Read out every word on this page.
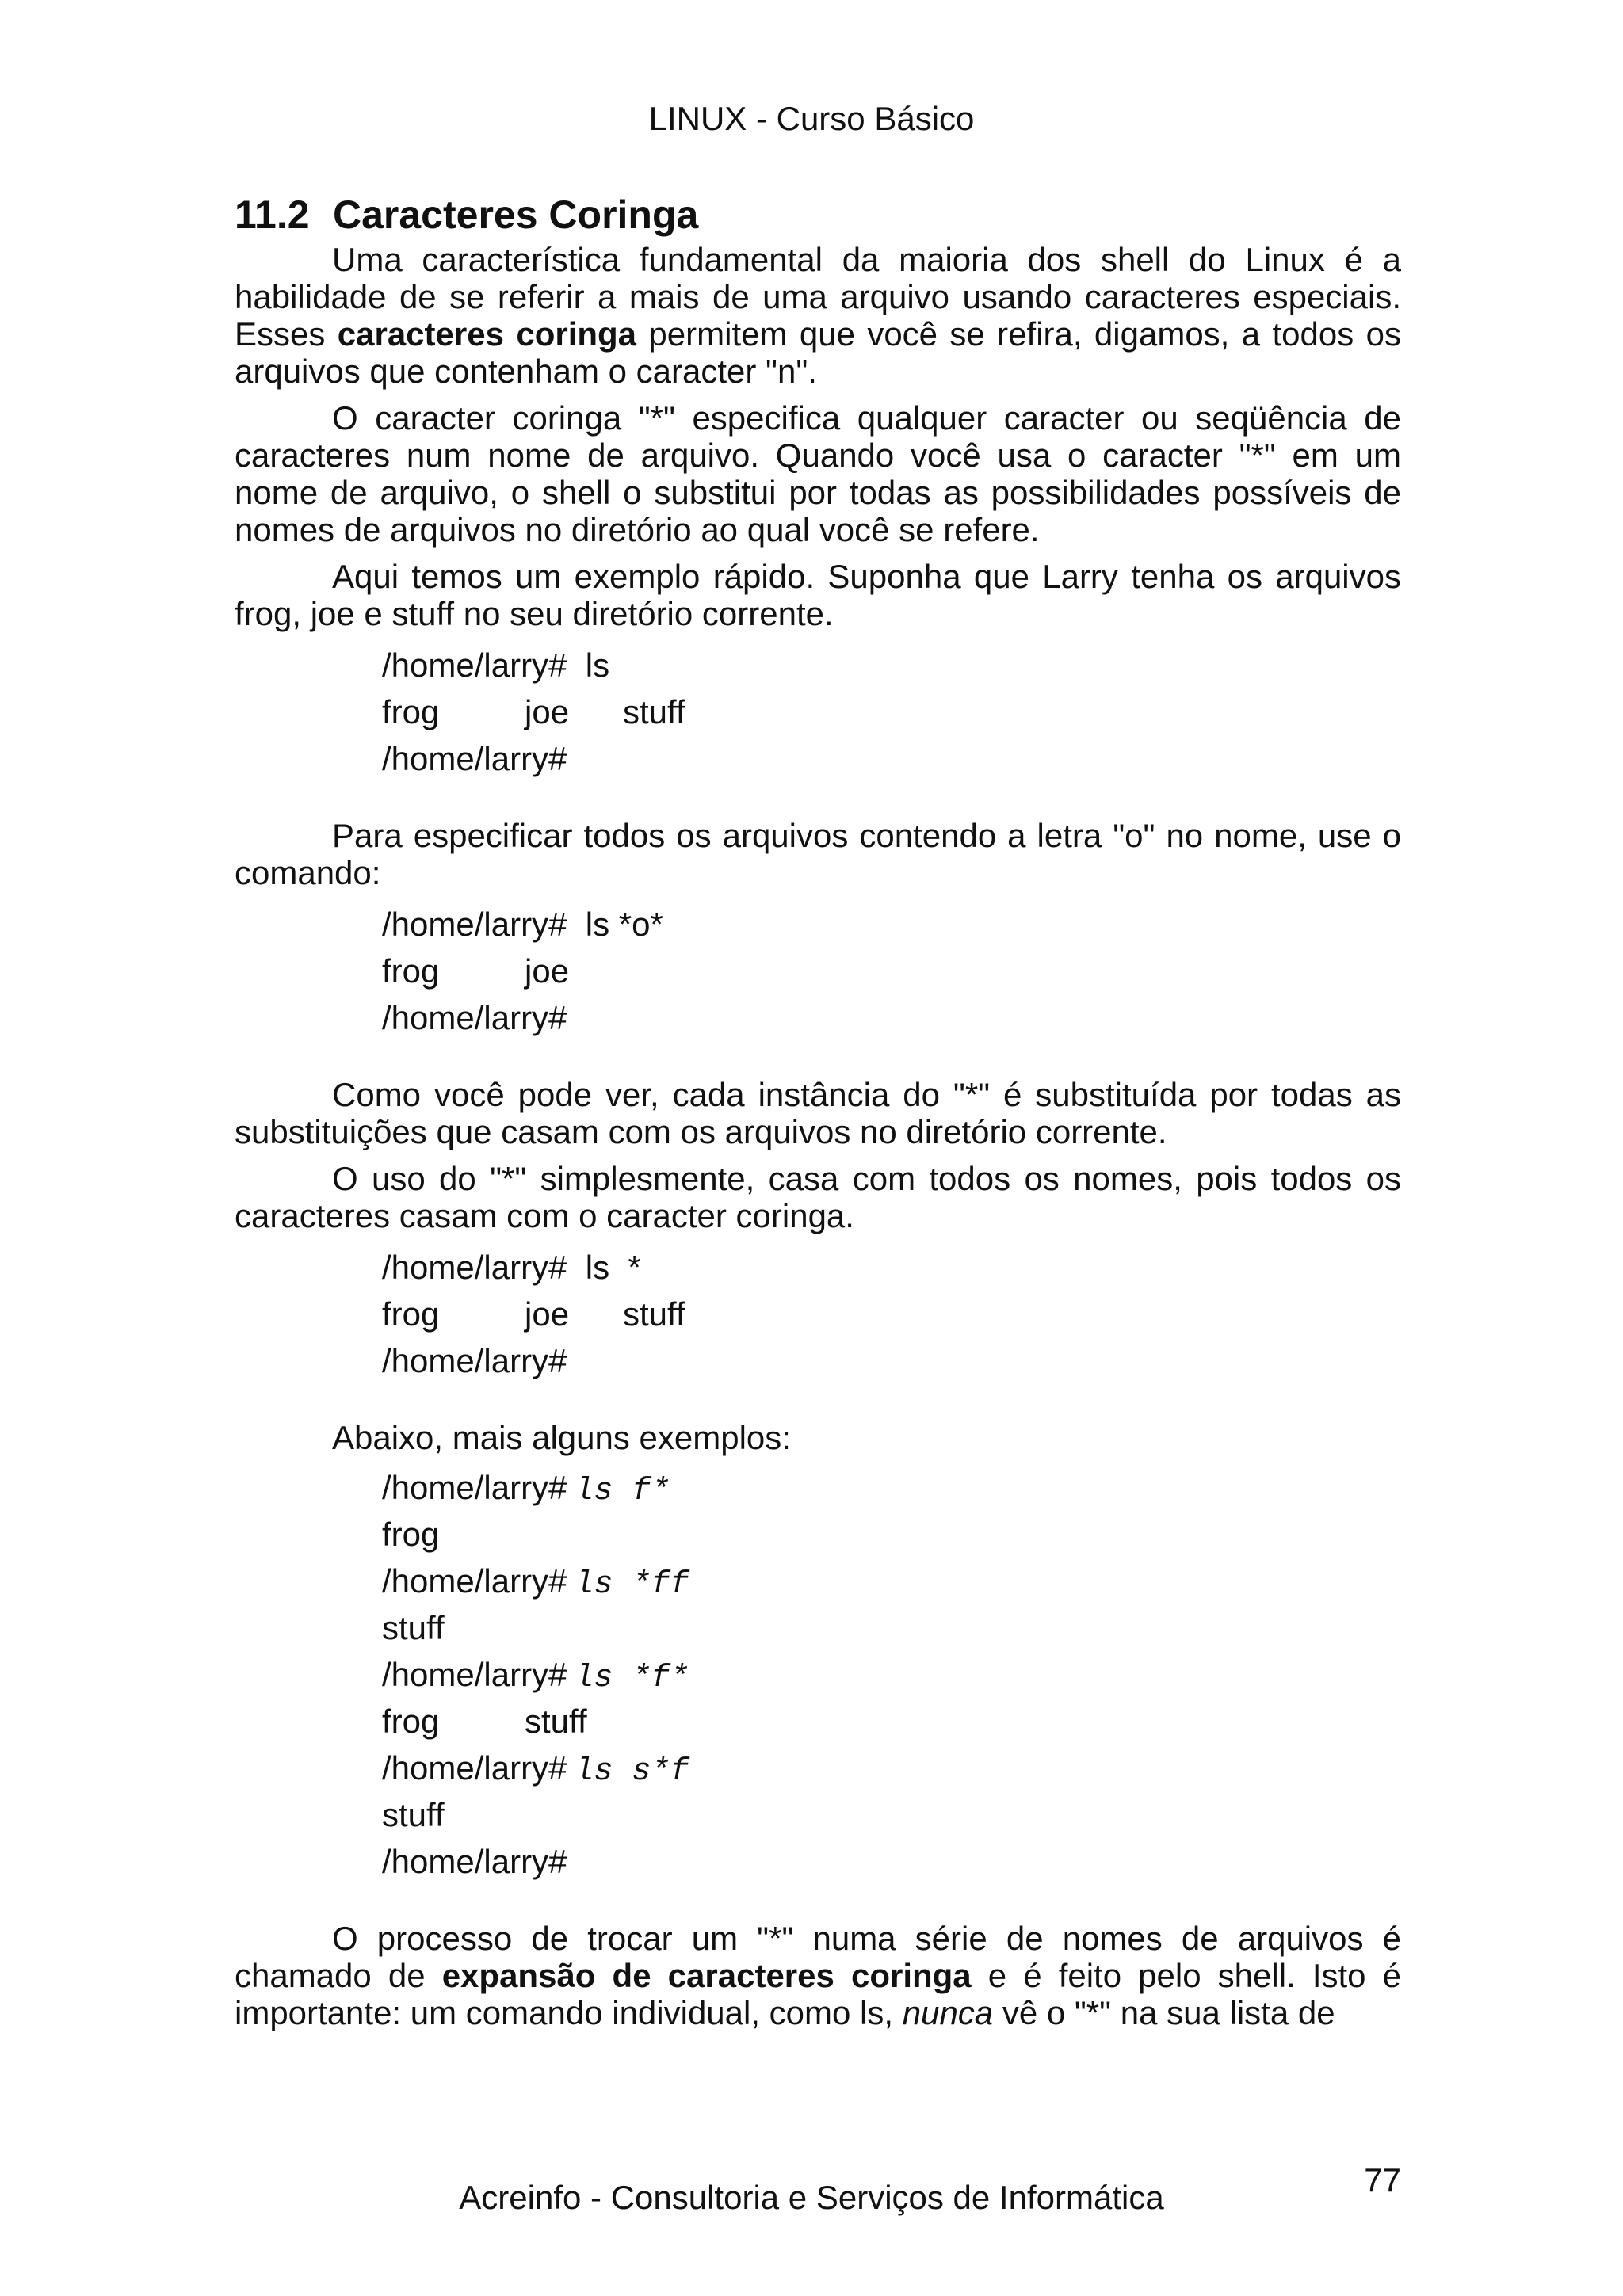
LINUX - Curso Básico
11.2 Caracteres Coringa

Uma característica fundamental da maioria dos shell do Linux é a habilidade de se referir a mais de uma arquivo usando caracteres especiais. Esses caracteres coringa permitem que você se refira, digamos, a todos os arquivos que contenham o caracter "n".

O caracter coringa "*" especifica qualquer caracter ou seqüência de caracteres num nome de arquivo. Quando você usa o caracter "*" em um nome de arquivo, o shell o substitui por todas as possibilidades possíveis de nomes de arquivos no diretório ao qual você se refere.

Aqui temos um exemplo rápido. Suponha que Larry tenha os arquivos frog, joe e stuff no seu diretório corrente.

/home/larry# ls
frog	joe stuff
/home/larry#

Para especificar todos os arquivos contendo a letra "o" no nome, use o comando:

/home/larry# ls *o*
frog	joe
/home/larry#

Como você pode ver, cada instância do "*" é substituída por todas as substituições que casam com os arquivos no diretório corrente.

O uso do "*" simplesmente, casa com todos os nomes, pois todos os caracteres casam com o caracter coringa.

/home/larry# ls  *
frog	joe stuff
/home/larry#
Abaixo, mais alguns exemplos:
/home/larry# ls f*
frog
/home/larry# ls *ff
stuff
/home/larry# ls *f*
frog	stuff
/home/larry# ls s*f
stuff
/home/larry#

O processo de trocar um "*" numa série de nomes de arquivos é chamado de expansão de caracteres coringa e é feito pelo shell. Isto é importante: um comando individual, como ls, nunca vê o "*" na sua lista de

77
Acreinfo - Consultoria e Serviços de Informática
